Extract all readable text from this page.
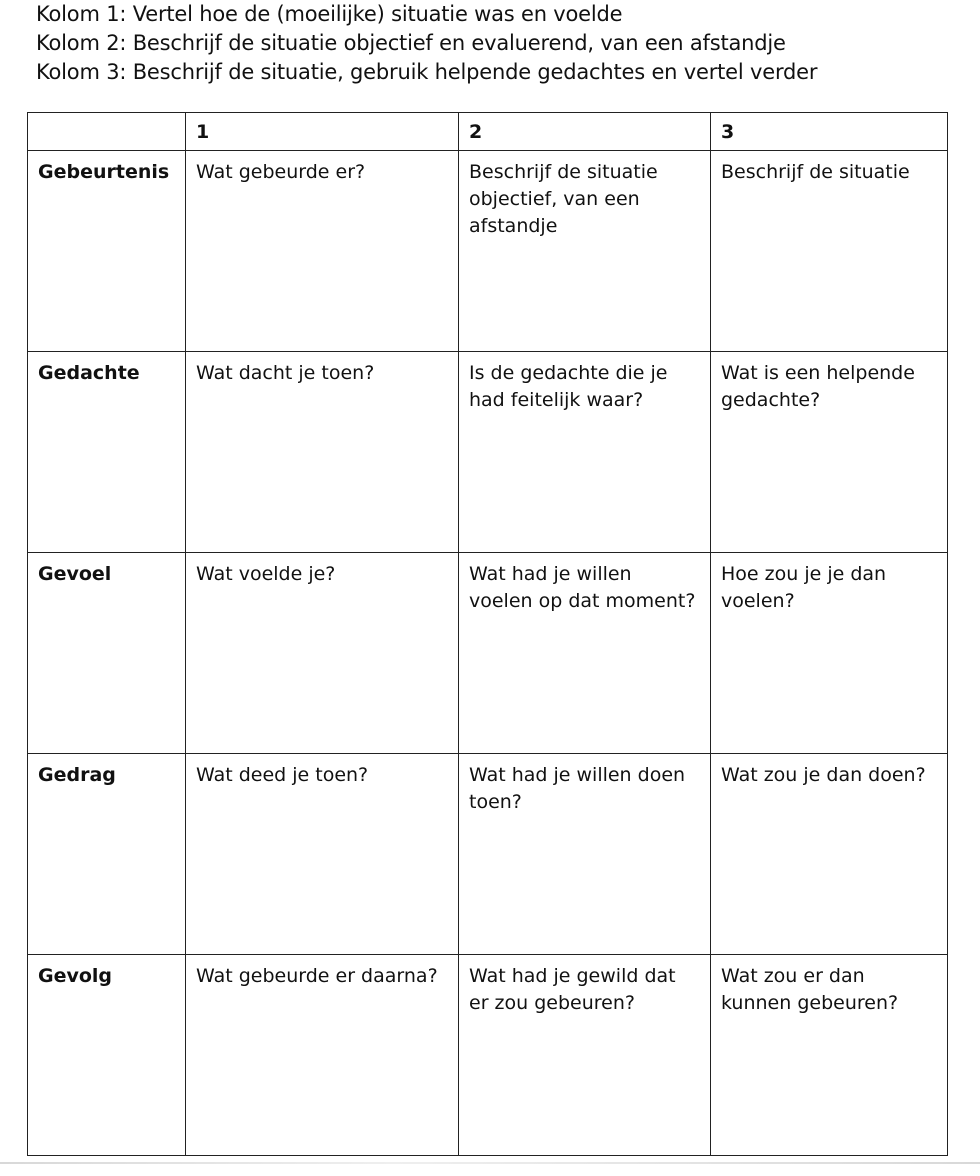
Kolom 1: Vertel hoe de (moeilijke) situatie was en voelde
Kolom 2: Beschrijf de situatie objectief en evaluerend, van een afstandje
Kolom 3: Beschrijf de situatie, gebruik helpende gedachtes en vertel verder
	1	2	3
Gebeurtenis	Wat gebeurde er?	Beschrijf de situatie objectief, van een afstandje	Beschrijf de situatie
Gedachte	Wat dacht je toen?	Is de gedachte die je had feitelijk waar?	Wat is een helpende gedachte?
Gevoel	Wat voelde je?	Wat had je willen voelen op dat moment?	Hoe zou je je dan voelen?
Gedrag	Wat deed je toen?	Wat had je willen doen toen?	Wat zou je dan doen?
Gevolg	Wat gebeurde er daarna?	Wat had je gewild dat er zou gebeuren?	Wat zou er dan kunnen gebeuren?
